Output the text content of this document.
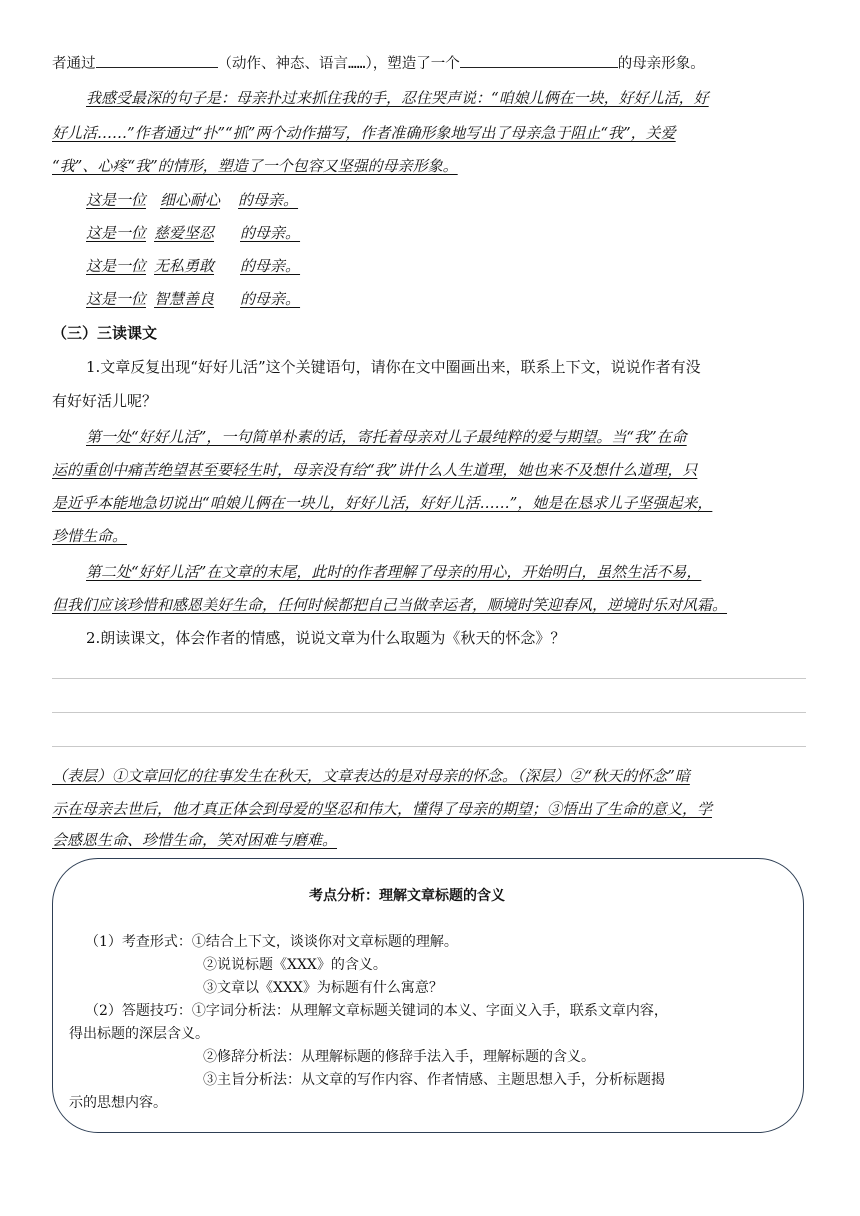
者通过	（动作、神态、语言……），塑造了一个	的母亲形象。
我感受最深的句子是：母亲扑过来抓住我的手，忍住哭声说：“咱娘儿俩在一块，好好儿活，好
好儿活……”作者通过“扑”“抓”两个动作描写，作者准确形象地写出了母亲急于阻止“我”，关爱
“我”、心疼“我”的情形，塑造了一个包容又坚强的母亲形象。
这是一位 细心耐心 的母亲。
这是一位 慈爱坚忍 的母亲。
这是一位 无私勇敢 的母亲。
这是一位 智慧善良 的母亲。
（三）三读课文
1.文章反复出现“好好儿活”这个关键语句，请你在文中圈画出来，联系上下文，说说作者有没
有好好活儿呢？
第一处“好好儿活”，一句简单朴素的话，寄托着母亲对儿子最纯粹的爱与期望。当“我”在命
运的重创中痛苦绝望甚至要轻生时，母亲没有给“我”讲什么人生道理，她也来不及想什么道理，只
是近乎本能地急切说出“咱娘儿俩在一块儿，好好儿活，好好儿活……”，她是在恳求儿子坚强起来，
珍惜生命。
第二处“好好儿活”在文章的末尾，此时的作者理解了母亲的用心，开始明白，虽然生活不易，
但我们应该珍惜和感恩美好生命，任何时候都把自己当做幸运者，顺境时笑迎春风，逆境时乐对风霜。
2.朗读课文，体会作者的情感，说说文章为什么取题为《秋天的怀念》？
（表层）①文章回忆的往事发生在秋天，文章表达的是对母亲的怀念。（深层）②“秋天的怀念”暗
示在母亲去世后，他才真正体会到母爱的坚忍和伟大，懂得了母亲的期望；③悟出了生命的意义，学
会感恩生命、珍惜生命，笑对困难与磨难。
考点分析：理解文章标题的含义
（1）考查形式：①结合上下文，谈谈你对文章标题的理解。
②说说标题《XXX》的含义。
③文章以《XXX》为标题有什么寓意？
（2）答题技巧：①字词分析法：从理解文章标题关键词的本义、字面义入手，联系文章内容，
得出标题的深层含义。
②修辞分析法：从理解标题的修辞手法入手，理解标题的含义。
③主旨分析法：从文章的写作内容、作者情感、主题思想入手，分析标题揭
示的思想内容。
